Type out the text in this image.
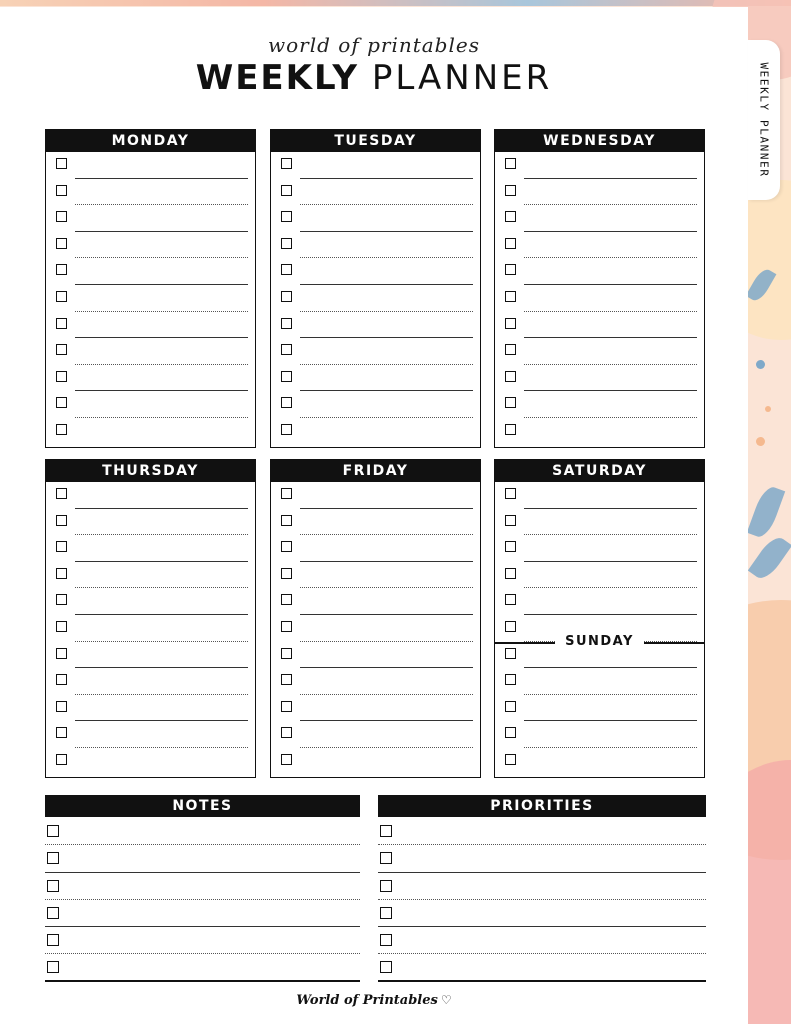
WEEKLY PLANNER
world of printables
WEEKLY PLANNER
MONDAY	TUESDAY	WEDNESDAY
THURSDAY	FRIDAY	SATURDAY
SUNDAY
NOTES	PRIORITIES
World of Printables ♡
